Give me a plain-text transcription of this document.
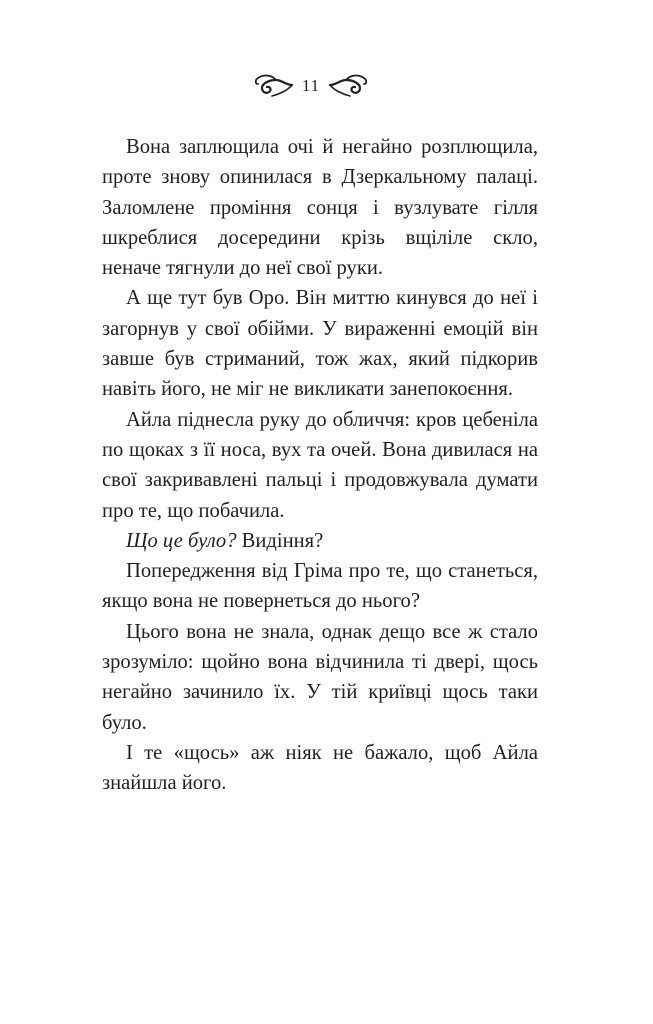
11

Вона заплющила очі й негайно розплющила, проте знову опинилася в Дзеркальному палаці. Заломлене проміння сонця і вузлувате гілля шкреблися досередини крізь вщілілe скло, неначе тягнули до неї свої руки.

А ще тут був Оро. Він миттю кинувся до неї і загорнув у свої обійми. У вираженні емоцій він завше був стриманий, тож жах, який підкорив навіть його, не міг не викликати занепокоєння.

Айла піднесла руку до обличчя: кров цебеніла по щоках з її носа, вух та очей. Вона дивилася на свої закривавлені пальці і продовжувала думати про те, що побачила.

Що це було? Видіння?

Попередження від Гріма про те, що станеться, якщо вона не повернеться до нього?

Цього вона не знала, однак дещо все ж стало зрозуміло: щойно вона відчинила ті двері, щось негайно зачинило їх. У тій криївці щось таки було.

І те «щось» аж ніяк не бажало, щоб Айла знайшла його.
